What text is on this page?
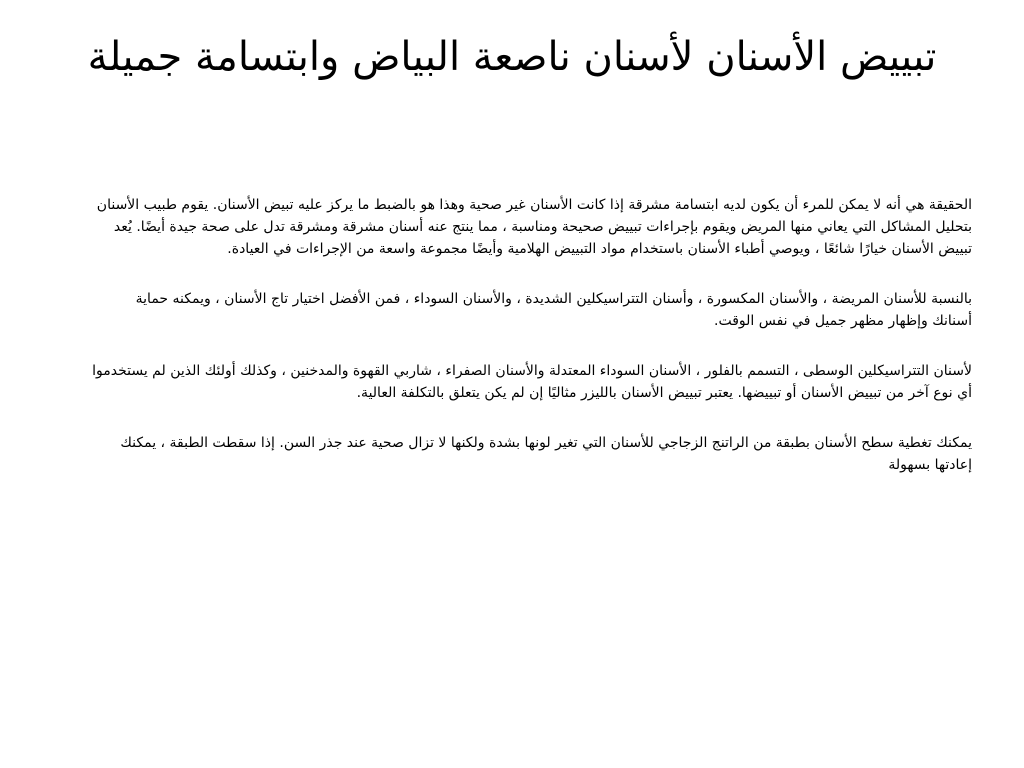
تبييض الأسنان لأسنان ناصعة البياض وابتسامة جميلة

الحقيقة هي أنه لا يمكن للمرء أن يكون لديه ابتسامة مشرقة إذا كانت الأسنان غير صحية وهذا هو بالضبط ما يركز عليه تبيض الأسنان. يقوم طبيب الأسنان بتحليل المشاكل التي يعاني منها المريض ويقوم بإجراءات تبييض صحيحة ومناسبة ، مما ينتج عنه أسنان مشرقة ومشرقة تدل على صحة جيدة أيضًا. يُعد تبييض الأسنان خيارًا شائعًا ، ويوصي أطباء الأسنان باستخدام مواد التبييض الهلامية وأيضًا مجموعة واسعة من الإجراءات في العيادة.

بالنسبة للأسنان المريضة ، والأسنان المكسورة ، وأسنان التتراسيكلين الشديدة ، والأسنان السوداء ، فمن الأفضل اختيار تاج الأسنان ، ويمكنه حماية أسنانك وإظهار مظهر جميل في نفس الوقت.

لأسنان التتراسيكلين الوسطى ، التسمم بالفلور ، الأسنان السوداء المعتدلة والأسنان الصفراء ، شاربي القهوة والمدخنين ، وكذلك أولئك الذين لم يستخدموا أي نوع آخر من تبييض الأسنان أو تبييضها. يعتبر تبييض الأسنان بالليزر مثاليًا إن لم يكن يتعلق بالتكلفة العالية.

يمكنك تغطية سطح الأسنان بطبقة من الراتنج الزجاجي للأسنان التي تغير لونها بشدة ولكنها لا تزال صحية عند جذر السن. إذا سقطت الطبقة ، يمكنك إعادتها بسهولة
